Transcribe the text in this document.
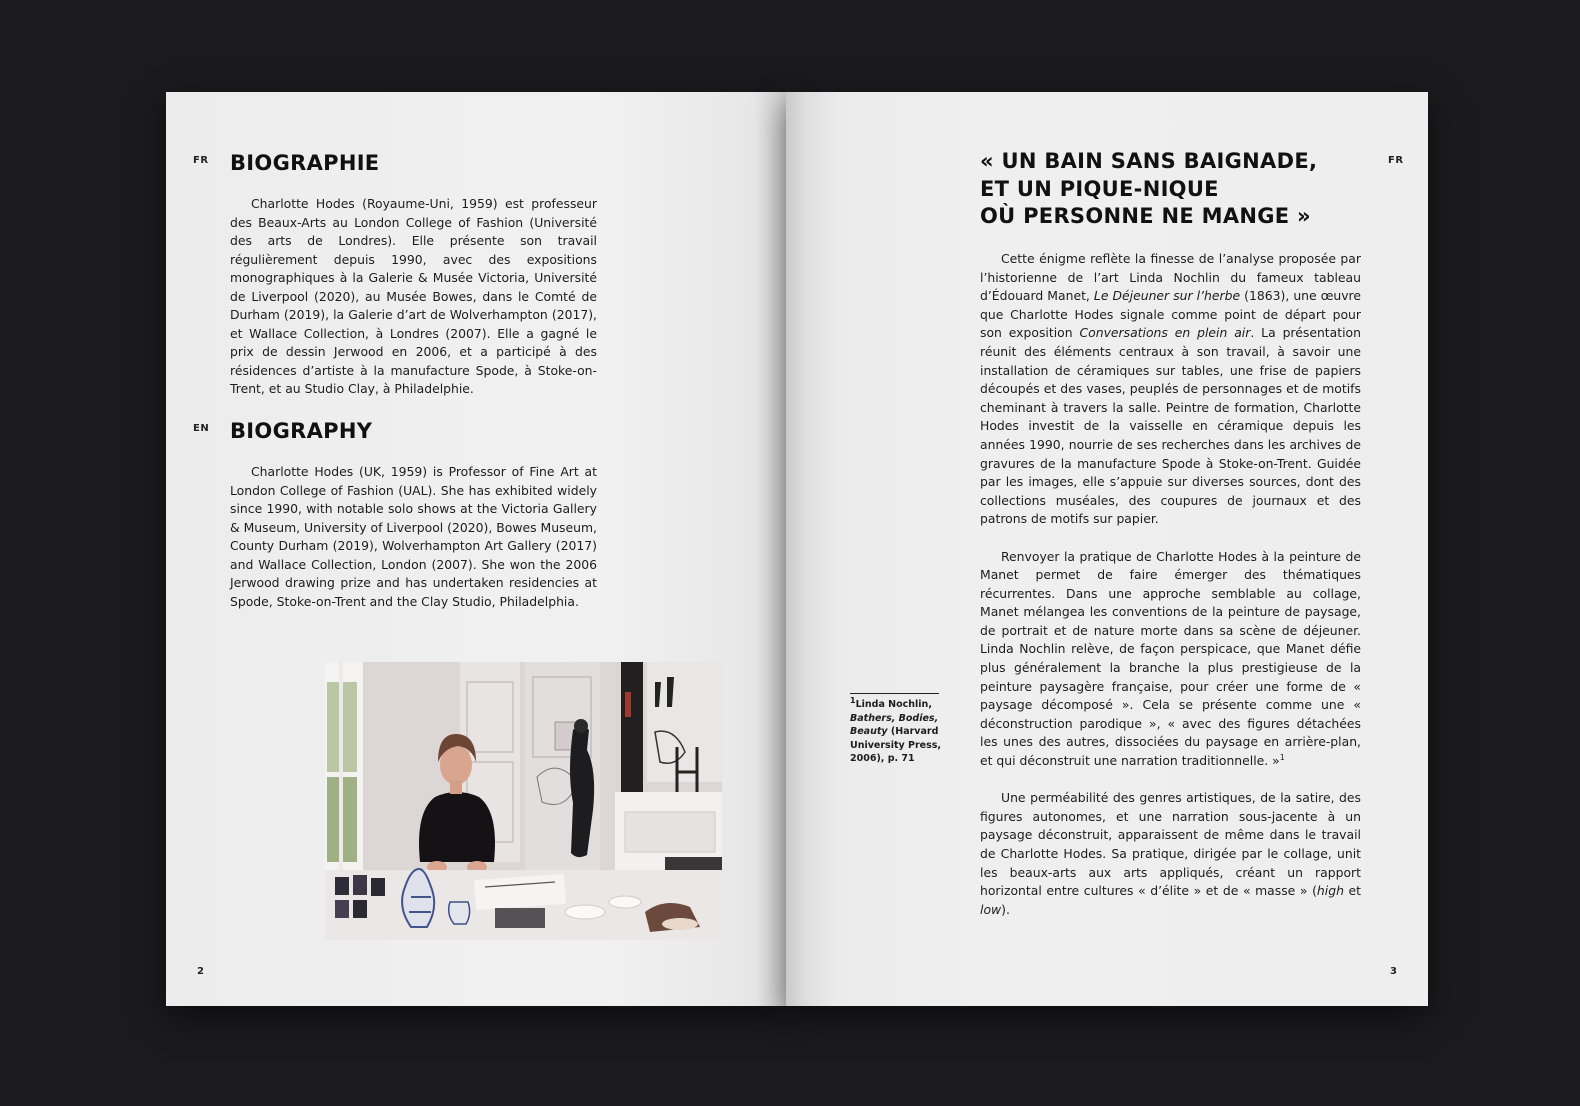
FR BIOGRAPHIE

Charlotte Hodes (Royaume-Uni, 1959) est professeur des Beaux-Arts au London College of Fashion (Université des arts de Londres). Elle présente son travail régulièrement depuis 1990, avec des expositions monographiques à la Galerie & Musée Victoria, Université de Liverpool (2020), au Musée Bowes, dans le Comté de Durham (2019), la Galerie d’art de Wolverhampton (2017), et Wallace Collection, à Londres (2007). Elle a gagné le prix de dessin Jerwood en 2006, et a participé à des résidences d’artiste à la manufacture Spode, à Stoke-on-Trent, et au Studio Clay, à Philadelphie.

EN BIOGRAPHY

Charlotte Hodes (UK, 1959) is Professor of Fine Art at London College of Fashion (UAL). She has exhibited widely since 1990, with notable solo shows at the Victoria Gallery & Museum, University of Liverpool (2020), Bowes Museum, County Durham (2019), Wolverhampton Art Gallery (2017) and Wallace Collection, London (2007). She won the 2006 Jerwood drawing prize and has undertaken residencies at Spode, Stoke-on-Trent and the Clay Studio, Philadelphia.

2
« UN BAIN SANS BAIGNADE,
ET UN PIQUE-NIQUE
OÙ PERSONNE NE MANGE »
FR

Cette énigme reflète la finesse de l’analyse proposée par l’historienne de l’art Linda Nochlin du fameux tableau d’Édouard Manet, Le Déjeuner sur l’herbe (1863), une œuvre que Charlotte Hodes signale comme point de départ pour son exposition Conversations en plein air. La présentation réunit des éléments centraux à son travail, à savoir une installation de céramiques sur tables, une frise de papiers découpés et des vases, peuplés de personnages et de motifs cheminant à travers la salle. Peintre de formation, Charlotte Hodes investit de la vaisselle en céramique depuis les années 1990, nourrie de ses recherches dans les archives de gravures de la manufacture Spode à Stoke-on-Trent. Guidée par les images, elle s’appuie sur diverses sources, dont des collections muséales, des coupures de journaux et des patrons de motifs sur papier.

Renvoyer la pratique de Charlotte Hodes à la peinture de Manet permet de faire émerger des thématiques récurrentes. Dans une approche semblable au collage, Manet mélangea les conventions de la peinture de paysage, de portrait et de nature morte dans sa scène de déjeuner. Linda Nochlin relève, de façon perspicace, que Manet défie plus généralement la branche la plus prestigieuse de la peinture paysagère française, pour créer une forme de « paysage décomposé ». Cela se présente comme une « déconstruction parodique », « avec des figures détachées les unes des autres, dissociées du paysage en arrière-plan, et qui déconstruit une narration traditionnelle. »$^1$

Une perméabilité des genres artistiques, de la satire, des figures autonomes, et une narration sous-jacente à un paysage déconstruit, apparaissent de même dans le travail de Charlotte Hodes. Sa pratique, dirigée par le collage, unit les beaux-arts aux arts appliqués, créant un rapport horizontal entre cultures « d’élite » et de « masse » (high et low).

$^1$Linda Nochlin, Bathers, Bodies, Beauty (Harvard University Press, 2006), p. 71
3
